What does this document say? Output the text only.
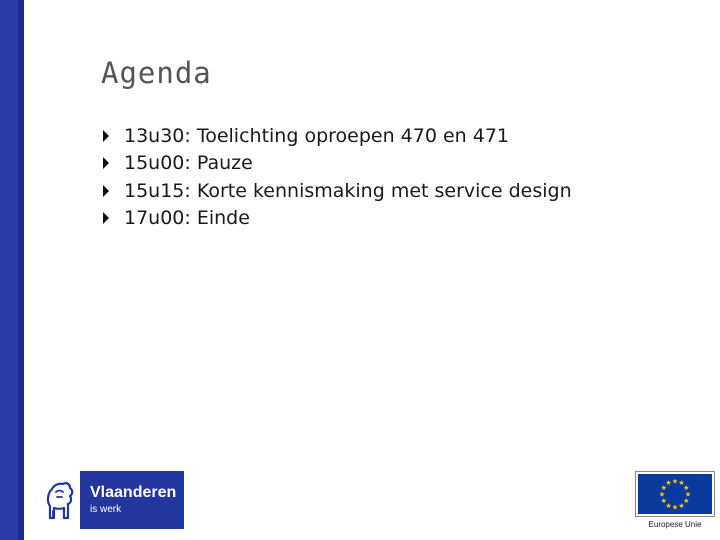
Agenda
13u30: Toelichting oproepen 470 en 471
15u00: Pauze
15u15: Korte kennismaking met service design
17u00: Einde
Vlaanderen
is werk
★
★
★
★
★
★
★
★
★ ★ ★
★
Europese Unie
